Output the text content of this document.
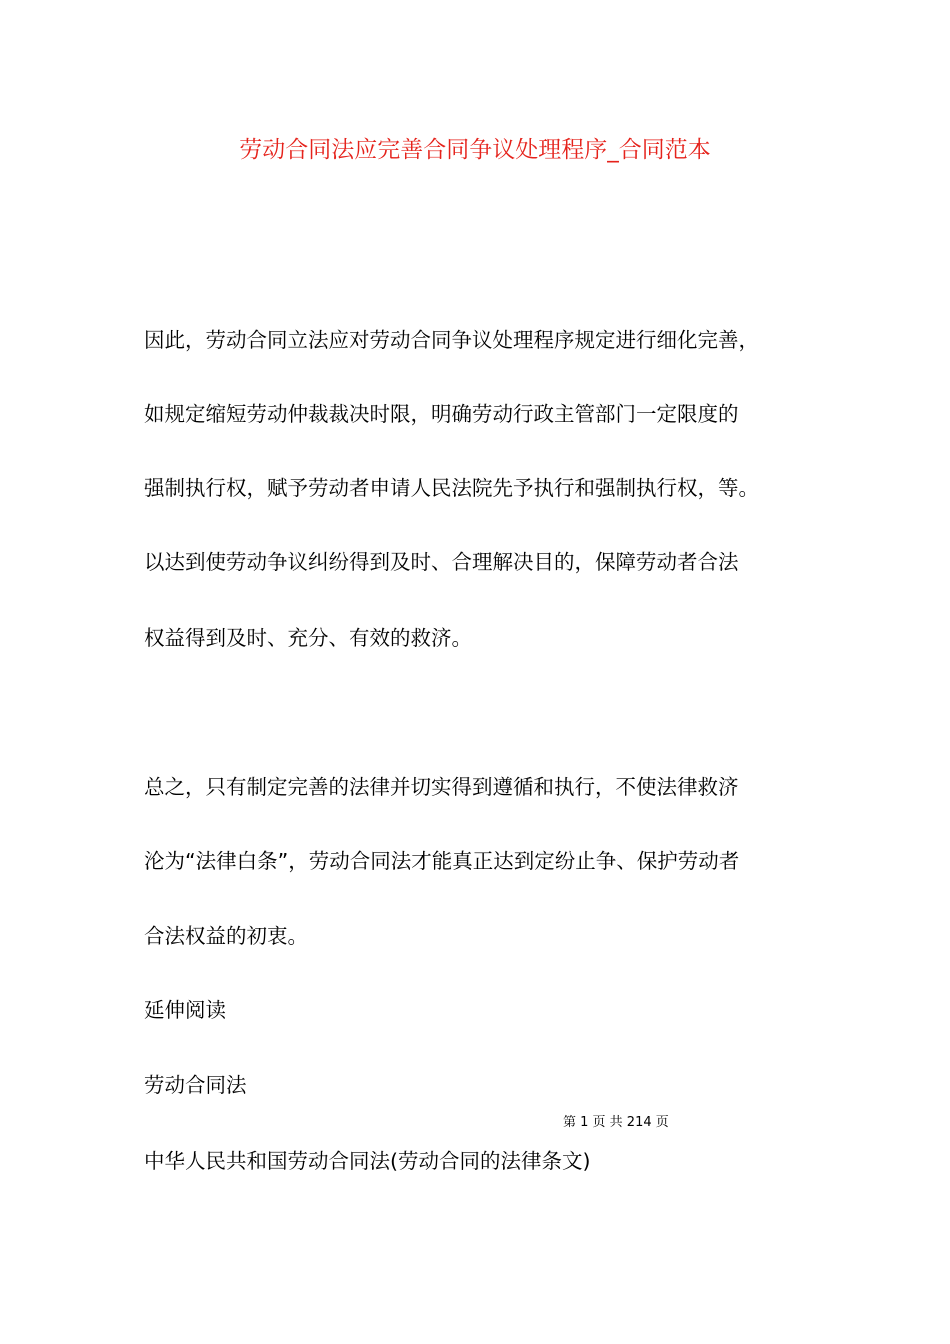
劳动合同法应完善合同争议处理程序_合同范本
因此，劳动合同立法应对劳动合同争议处理程序规定进行细化完善，
如规定缩短劳动仲裁裁决时限，明确劳动行政主管部门一定限度的
强制执行权，赋予劳动者申请人民法院先予执行和强制执行权，等。
以达到使劳动争议纠纷得到及时、合理解决目的，保障劳动者合法
权益得到及时、充分、有效的救济。
总之，只有制定完善的法律并切实得到遵循和执行，不使法律救济
沦为“法律白条”，劳动合同法才能真正达到定纷止争、保护劳动者
合法权益的初衷。
延伸阅读
劳动合同法
第 1 页 共 214 页
中华人民共和国劳动合同法(劳动合同的法律条文)
